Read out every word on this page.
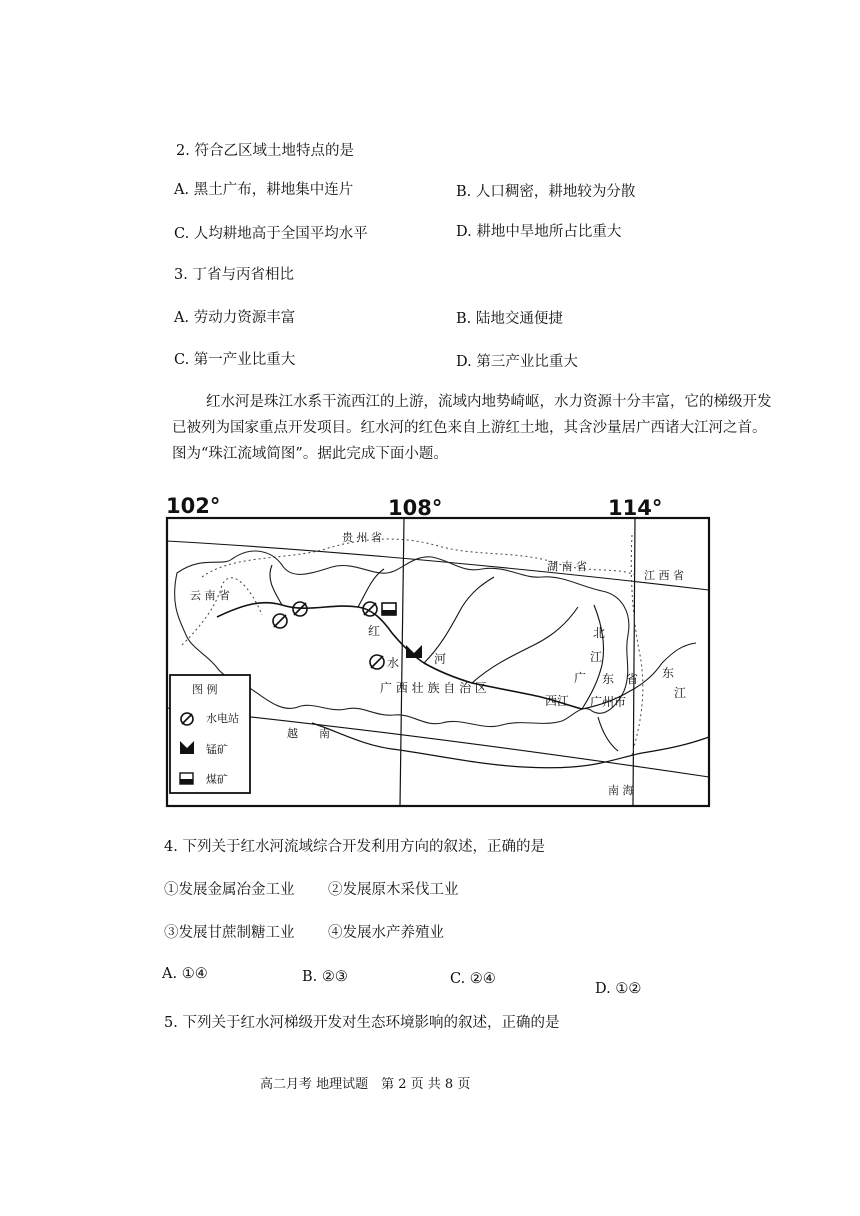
2. 符合乙区域土地特点的是
A. 黑土广布，耕地集中连片	B. 人口稠密，耕地较为分散
C. 人均耕地高于全国平均水平	D. 耕地中旱地所占比重大
3. 丁省与丙省相比
A. 劳动力资源丰富	B. 陆地交通便捷
C. 第一产业比重大	D. 第三产业比重大
红水河是珠江水系干流西江的上游，流域内地势崎岖，水力资源十分丰富，它的梯级开发已被列为国家重点开发项目。红水河的红色来自上游红土地，其含沙量居广西诸大江河之首。图为“珠江流域简图”。据此完成下面小题。
102°	108°	114°
贵 州 省
湖 南 省
江 西 省
云 南 省
红
水	河
广 西 壮 族 自 治 区
北
江
广 东 省
西江 广州市
东
江
越 南
南 海
图 例
水电站
锰矿
煤矿
4. 下列关于红水河流域综合开发利用方向的叙述，正确的是
①发展金属冶金工业 ②发展原木采伐工业
③发展甘蔗制糖工业 ④发展水产养殖业
A. ①④	B. ②③	C. ②④
D. ①②
5. 下列关于红水河梯级开发对生态环境影响的叙述，正确的是
高二月考 地理试题　第 2 页 共 8 页
